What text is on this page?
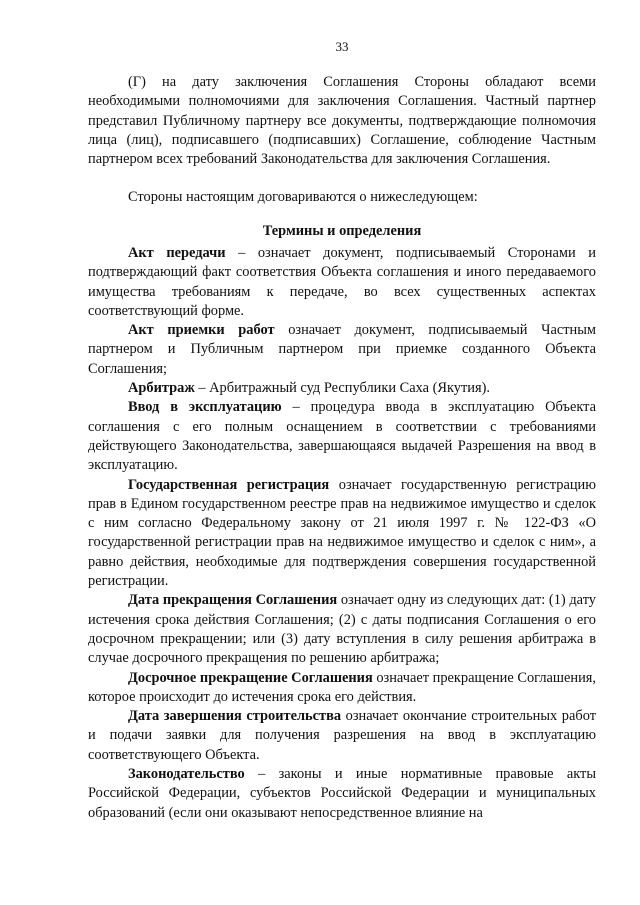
33

(Г) на дату заключения Соглашения Стороны обладают всеми необходимыми полномочиями для заключения Соглашения. Частный партнер представил Публичному партнеру все документы, подтверждающие полномочия лица (лиц), подписавшего (подписавших) Соглашение, соблюдение Частным партнером всех требований Законодательства для заключения Соглашения.

Стороны настоящим договариваются о нижеследующем:

Термины и определения

Акт передачи – означает документ, подписываемый Сторонами и подтверждающий факт соответствия Объекта соглашения и иного передаваемого имущества требованиям к передаче, во всех существенных аспектах соответствующий форме.

Акт приемки работ означает документ, подписываемый Частным партнером и Публичным партнером при приемке созданного Объекта Соглашения;

Арбитраж – Арбитражный суд Республики Саха (Якутия).

Ввод в эксплуатацию – процедура ввода в эксплуатацию Объекта соглашения с его полным оснащением в соответствии с требованиями действующего Законодательства, завершающаяся выдачей Разрешения на ввод в эксплуатацию.

Государственная регистрация означает государственную регистрацию прав в Едином государственном реестре прав на недвижимое имущество и сделок с ним согласно Федеральному закону от 21 июля 1997 г. № 122-ФЗ «О государственной регистрации прав на недвижимое имущество и сделок с ним», а равно действия, необходимые для подтверждения совершения государственной регистрации.

Дата прекращения Соглашения означает одну из следующих дат: (1) дату истечения срока действия Соглашения; (2) с даты подписания Соглашения о его досрочном прекращении; или (3) дату вступления в силу решения арбитража в случае досрочного прекращения по решению арбитража;

Досрочное прекращение Соглашения означает прекращение Соглашения, которое происходит до истечения срока его действия.

Дата завершения строительства означает окончание строительных работ и подачи заявки для получения разрешения на ввод в эксплуатацию соответствующего Объекта.

Законодательство – законы и иные нормативные правовые акты Российской Федерации, субъектов Российской Федерации и муниципальных образований (если они оказывают непосредственное влияние на
